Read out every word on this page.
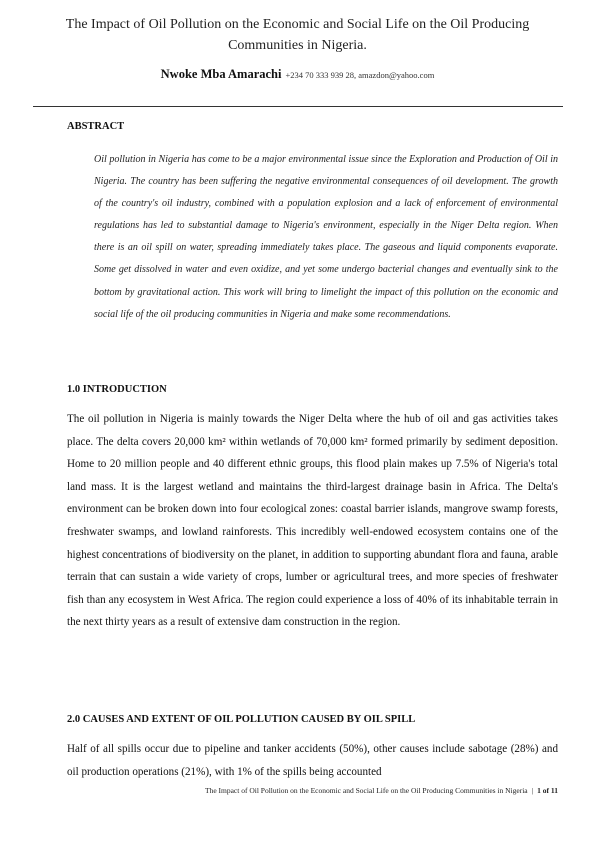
The Impact of Oil Pollution on the Economic and Social Life on the Oil Producing Communities in Nigeria.
Nwoke Mba Amarachi +234 70 333 939 28, amazdon@yahoo.com
ABSTRACT
Oil pollution in Nigeria has come to be a major environmental issue since the Exploration and Production of Oil in Nigeria. The country has been suffering the negative environmental consequences of oil development. The growth of the country's oil industry, combined with a population explosion and a lack of enforcement of environmental regulations has led to substantial damage to Nigeria's environment, especially in the Niger Delta region. When there is an oil spill on water, spreading immediately takes place. The gaseous and liquid components evaporate. Some get dissolved in water and even oxidize, and yet some undergo bacterial changes and eventually sink to the bottom by gravitational action. This work will bring to limelight the impact of this pollution on the economic and social life of the oil producing communities in Nigeria and make some recommendations.
1.0 INTRODUCTION
The oil pollution in Nigeria is mainly towards the Niger Delta where the hub of oil and gas activities takes place. The delta covers 20,000 km² within wetlands of 70,000 km² formed primarily by sediment deposition. Home to 20 million people and 40 different ethnic groups, this flood plain makes up 7.5% of Nigeria's total land mass. It is the largest wetland and maintains the third-largest drainage basin in Africa. The Delta's environment can be broken down into four ecological zones: coastal barrier islands, mangrove swamp forests, freshwater swamps, and lowland rainforests. This incredibly well-endowed ecosystem contains one of the highest concentrations of biodiversity on the planet, in addition to supporting abundant flora and fauna, arable terrain that can sustain a wide variety of crops, lumber or agricultural trees, and more species of freshwater fish than any ecosystem in West Africa. The region could experience a loss of 40% of its inhabitable terrain in the next thirty years as a result of extensive dam construction in the region.
2.0 CAUSES AND EXTENT OF OIL POLLUTION CAUSED BY OIL SPILL
Half of all spills occur due to pipeline and tanker accidents (50%), other causes include sabotage (28%) and oil production operations (21%), with 1% of the spills being accounted
The Impact of Oil Pollution on the Economic and Social Life on the Oil Producing Communities in Nigeria | 1 of 11
